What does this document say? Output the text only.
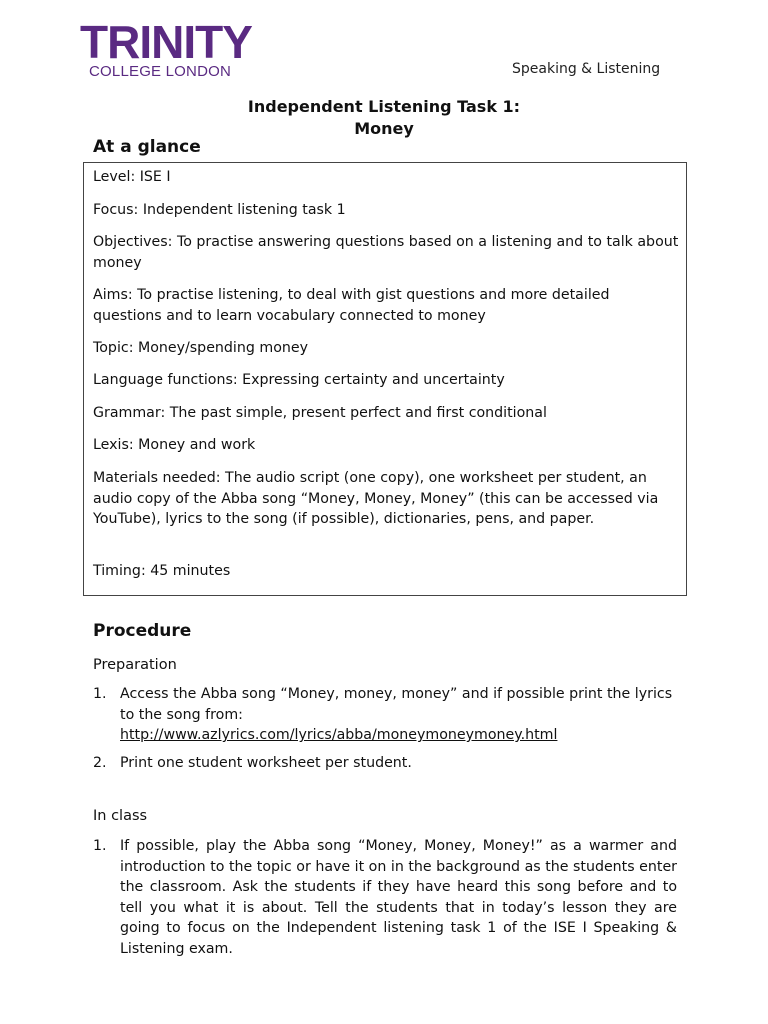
TRINITY
COLLEGE LONDON	Speaking & Listening
Independent Listening Task 1:
Money
At a glance
Level: ISE I
Focus: Independent listening task 1
Objectives: To practise answering questions based on a listening and to talk about money
Aims: To practise listening, to deal with gist questions and more detailed questions and to learn vocabulary connected to money
Topic: Money/spending money
Language functions: Expressing certainty and uncertainty
Grammar: The past simple, present perfect and first conditional
Lexis: Money and work
Materials needed: The audio script (one copy), one worksheet per student, an audio copy of the Abba song “Money, Money, Money” (this can be accessed via YouTube), lyrics to the song (if possible), dictionaries, pens, and paper.
Timing: 45 minutes
Procedure
Preparation
1. Access the Abba song “Money, money, money” and if possible print the lyrics to the song from:
http://www.azlyrics.com/lyrics/abba/moneymoneymoney.html
2. Print one student worksheet per student.
In class
1. If possible, play the Abba song “Money, Money, Money!” as a warmer and introduction to the topic or have it on in the background as the students enter the classroom. Ask the students if they have heard this song before and to tell you what it is about. Tell the students that in today’s lesson they are going to focus on the Independent listening task 1 of the ISE I Speaking & Listening exam.
